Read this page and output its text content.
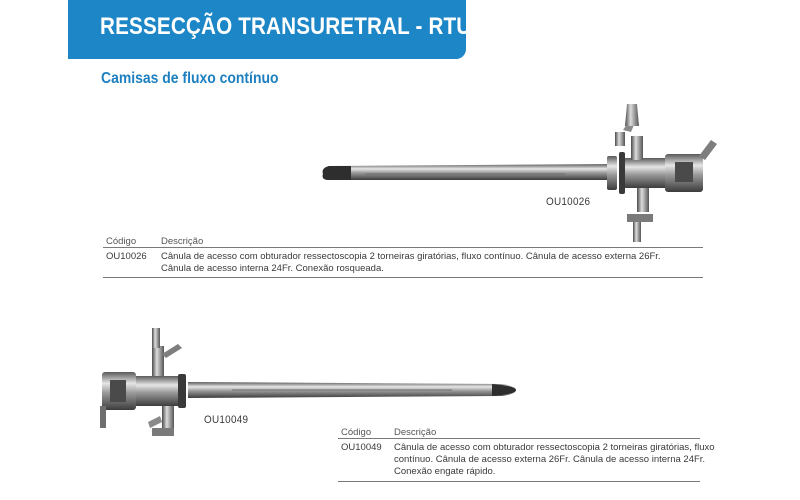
RESSECÇÃO TRANSURETRAL - RTU
Camisas de fluxo contínuo
OU10026
Código	Descrição
OU10026 Cânula de acesso com obturador ressectoscopia 2 torneiras giratórias, fluxo contínuo. Cânula de acesso externa 26Fr.
Cânula de acesso interna 24Fr. Conexão rosqueada.
OU10049
Código Descrição
OU10049 Cânula de acesso com obturador ressectoscopia 2 torneiras giratórias, fluxo
contínuo. Cânula de acesso externa 26Fr. Cânula de acesso interna 24Fr.
Conexão engate rápido.
